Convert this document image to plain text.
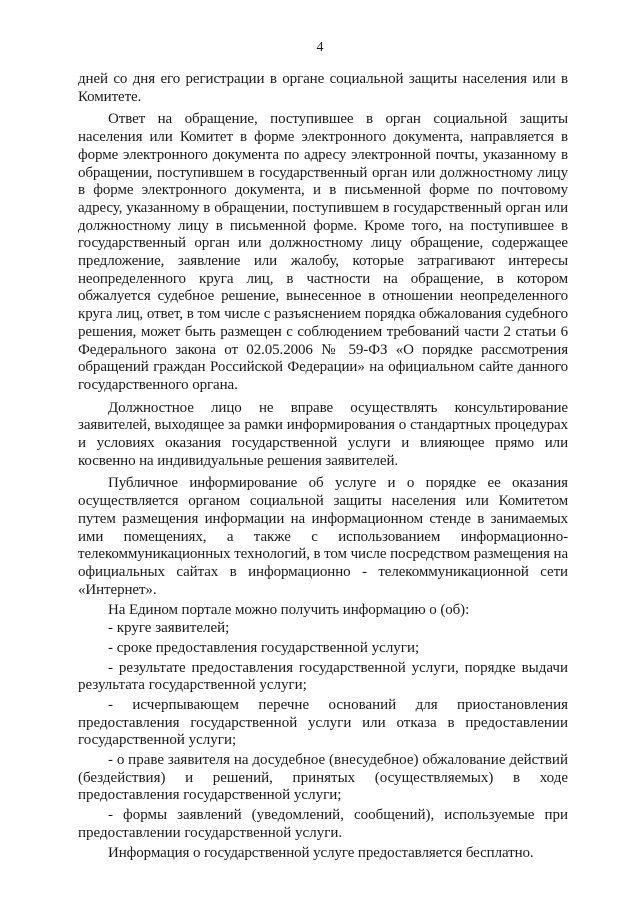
4

дней со дня его регистрации в органе социальной защиты населения или в Комитете.

Ответ на обращение, поступившее в орган социальной защиты населения или Комитет в форме электронного документа, направляется в форме электронного документа по адресу электронной почты, указанному в обращении, поступившем в государственный орган или должностному лицу в форме электронного документа, и в письменной форме по почтовому адресу, указанному в обращении, поступившем в государственный орган или должностному лицу в письменной форме. Кроме того, на поступившее в государственный орган или должностному лицу обращение, содержащее предложение, заявление или жалобу, которые затрагивают интересы неопределенного круга лиц, в частности на обращение, в котором обжалуется судебное решение, вынесенное в отношении неопределенного круга лиц, ответ, в том числе с разъяснением порядка обжалования судебного решения, может быть размещен с соблюдением требований части 2 статьи 6 Федерального закона от 02.05.2006 № 59-ФЗ «О порядке рассмотрения обращений граждан Российской Федерации» на официальном сайте данного государственного органа.

Должностное лицо не вправе осуществлять консультирование заявителей, выходящее за рамки информирования о стандартных процедурах и условиях оказания государственной услуги и влияющее прямо или косвенно на индивидуальные решения заявителей.

Публичное информирование об услуге и о порядке ее оказания осуществляется органом социальной защиты населения или Комитетом путем размещения информации на информационном стенде в занимаемых ими помещениях, а также с использованием информационно-телекоммуникационных технологий, в том числе посредством размещения на официальных сайтах в информационно - телекоммуникационной сети «Интернет».

На Едином портале можно получить информацию о (об):

- круге заявителей;
- сроке предоставления государственной услуги;
- результате предоставления государственной услуги, порядке выдачи результата государственной услуги;
- исчерпывающем перечне оснований для приостановления предоставления государственной услуги или отказа в предоставлении государственной услуги;
- о праве заявителя на досудебное (внесудебное) обжалование действий (бездействия) и решений, принятых (осуществляемых) в ходе предоставления государственной услуги;
- формы заявлений (уведомлений, сообщений), используемые при предоставлении государственной услуги.

Информация о государственной услуге предоставляется бесплатно.
